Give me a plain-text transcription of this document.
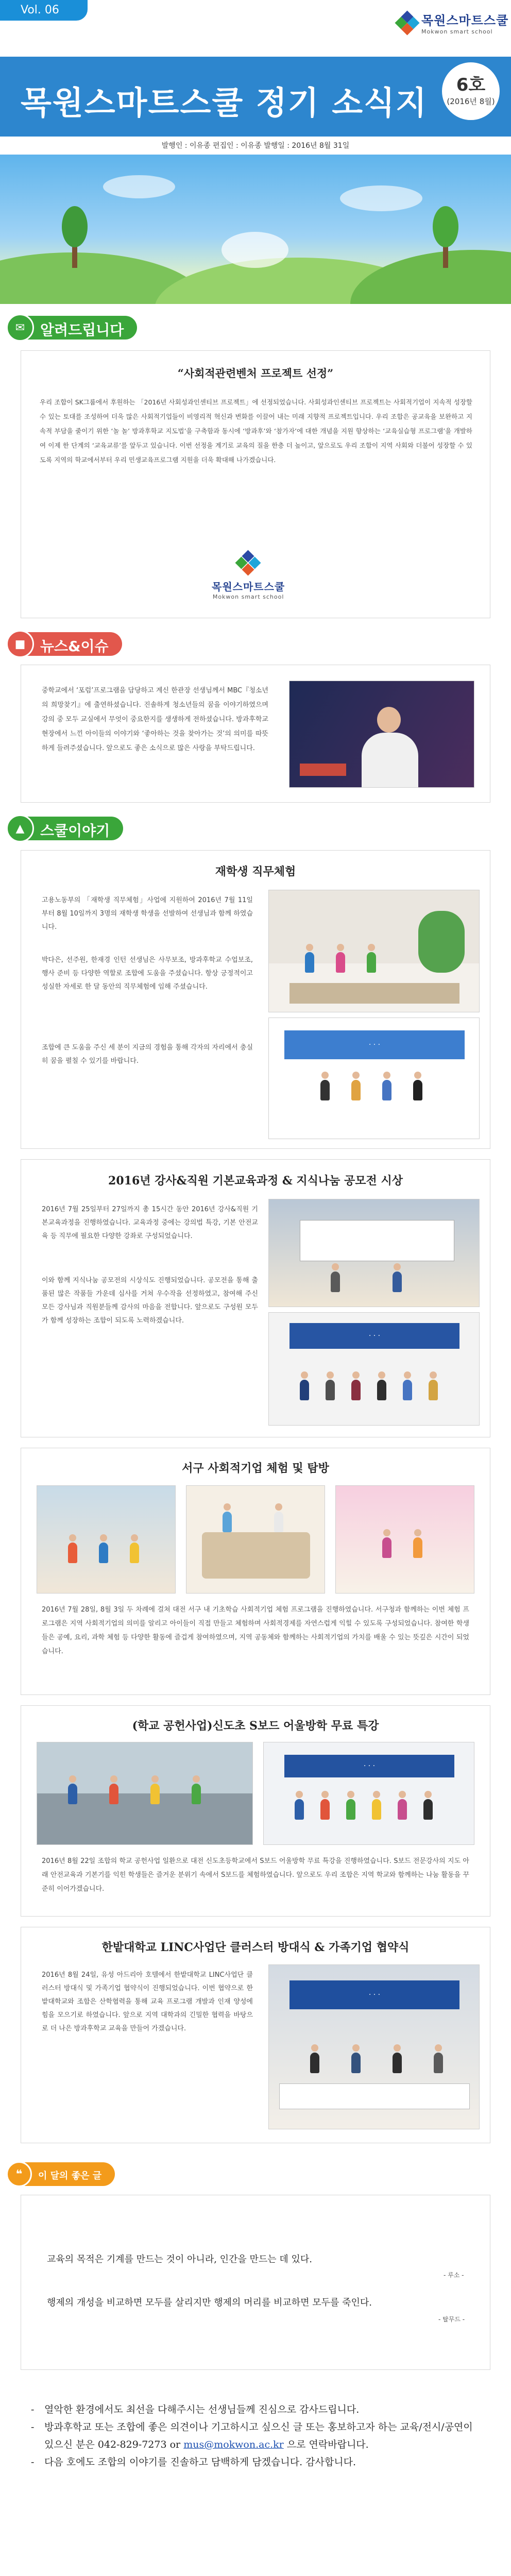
Vol. 06
목원스마트스쿨
Mokwon smart school
목원스마트스쿨 정기 소식지	6호
(2016년 8월)
발행인 : 이유종 편집인 : 이유종 발행일 : 2016년 8월 31일
✉	알려드립니다
“사회적관련벤처 프로젝트 선정”
우리 조합이 SK그룹에서 후원하는 「2016년 사회성과인센티브 프로젝트」에 선정되었습니다. 사회성과인센티브 프로젝트는 사회적기업이 지속적 성장할 수 있는 토대를 조성하여 더욱 많은 사회적기업들이 비영리적 혁신과 변화를 이끌어 내는 미래 지향적 프로젝트입니다. 우리 조합은 공교육을 보완하고 지속적 부담을 줄이기 위한 ‘놀 놀’ 방과후학교 지도법’을 구축함과 동시에 ‘방과후’와 ‘참가자’에 대한 개념을 지원 향상하는 ‘교육실습형 프로그램’을 개발하여 이제 한 단계의 ‘교육교류’를 앞두고 있습니다. 이번 선정을 계기로 교육의 질을 한층 더 높이고, 앞으로도 우리 조합이 지역 사회와 더불어 성장할 수 있도록 지역의 학교에서부터 우리 민생교육프로그램 지원을 더욱 확대해 나가겠습니다.
목원스마트스쿨
Mokwon smart school
■	뉴스&이슈
중학교에서 ‘포럼’프로그램을 담당하고 계신 한관장 선생님께서 MBC『청소년의 희망찾기』에 출연하셨습니다. 진솔하게 청소년들의 꿈을 이야기하였으며 강의 중 모두 교실에서 무엇이 중요한지를 생생하게 전하셨습니다. 방과후학교 현장에서 느낀 아이들의 이야기와 ‘좋아하는 것을 찾아가는 것’의 의미를 따뜻하게 들려주셨습니다. 앞으로도 좋은 소식으로 많은 사랑을 부탁드립니다.
▲	스쿨이야기
재학생 직무체험
고용노동부의 「재학생 직무체험」사업에 지원하여 2016년 7월 11일부터 8월 10일까지 3명의 재학생 학생을 선발하여 선생님과 함께 하였습니다.
박다은, 선주원, 한재경 인턴 선생님은 사무보조, 방과후학교 수업보조, 행사 준비 등 다양한 역할로 조합에 도움을 주셨습니다. 항상 긍정적이고 성실한 자세로 한 달 동안의 직무체험에 임해 주셨습니다.
조합에 큰 도움을 주신 세 분이 지금의 경험을 통해 각자의 자리에서 충실히 꿈을 펼칠 수 있기를 바랍니다.
· · ·
2016년 강사&직원 기본교육과정 & 지식나눔 공모전 시상
2016년 7월 25일부터 27일까지 총 15시간 동안 2016년 강사&직원 기본교육과정을 진행하였습니다. 교육과정 중에는 강의법 특강, 기본 안전교육 등 직무에 필요한 다양한 강좌로 구성되었습니다.
이와 함께 지식나눔 공모전의 시상식도 진행되었습니다. 공모전을 통해 출품된 많은 작품들 가운데 심사를 거쳐 우수작을 선정하였고, 참여해 주신 모든 강사님과 직원분들께 감사의 마음을 전합니다. 앞으로도 구성원 모두가 함께 성장하는 조합이 되도록 노력하겠습니다.
· · ·
서구 사회적기업 체험 및 탐방
2016년 7월 28일, 8월 3일 두 차례에 걸쳐 대전 서구 내 기초학습 사회적기업 체험 프로그램을 진행하였습니다. 서구청과 함께하는 이번 체험 프로그램은 지역 사회적기업의 의미를 알리고 아이들이 직접 만들고 체험하며 사회적경제를 자연스럽게 익힐 수 있도록 구성되었습니다. 참여한 학생들은 공예, 요리, 과학 체험 등 다양한 활동에 즐겁게 참여하였으며, 지역 공동체와 함께하는 사회적기업의 가치를 배울 수 있는 뜻깊은 시간이 되었습니다.
(학교 공헌사업)신도초 S보드 어울방학 무료 특강
· · ·
2016년 8월 22일 조합의 학교 공헌사업 일환으로 대전 신도초등학교에서 S보드 어울방학 무료 특강을 진행하였습니다. S보드 전문강사의 지도 아래 안전교육과 기본기를 익힌 학생들은 즐거운 분위기 속에서 S보드를 체험하였습니다. 앞으로도 우리 조합은 지역 학교와 함께하는 나눔 활동을 꾸준히 이어가겠습니다.
한밭대학교 LINC사업단 클러스터 방대식 & 가족기업 협약식
2016년 8월 24일, 유성 아드리아 호텔에서 한밭대학교 LINC사업단 클러스터 방대식 및 가족기업 협약식이 진행되었습니다. 이번 협약으로 한밭대학교와 조합은 산학협력을 통해 교육 프로그램 개발과 인재 양성에 힘을 모으기로 하였습니다. 앞으로 지역 대학과의 긴밀한 협력을 바탕으로 더 나은 방과후학교 교육을 만들어 가겠습니다.
· · ·
❝	이 달의 좋은 글
교육의 목적은 기계를 만드는 것이 아니라, 인간을 만드는 데 있다.
- 루소 -
행제의 개성을 비교하면 모두를 살리지만 행제의 머리를 비교하면 모두를 죽인다.
- 탈무드 -
-	열악한 환경에서도 최선을 다해주시는 선생님들께 진심으로 감사드립니다.
-	방과후학교 또는 조합에 좋은 의견이나 기고하시고 싶으신 글 또는 홍보하고자 하는 교육/전시/공연이 있으신 분은 042-829-7273 or mus@mokwon.ac.kr 으로 연락바랍니다.
-	다음 호에도 조합의 이야기를 진솔하고 담백하게 담겠습니다. 감사합니다.
